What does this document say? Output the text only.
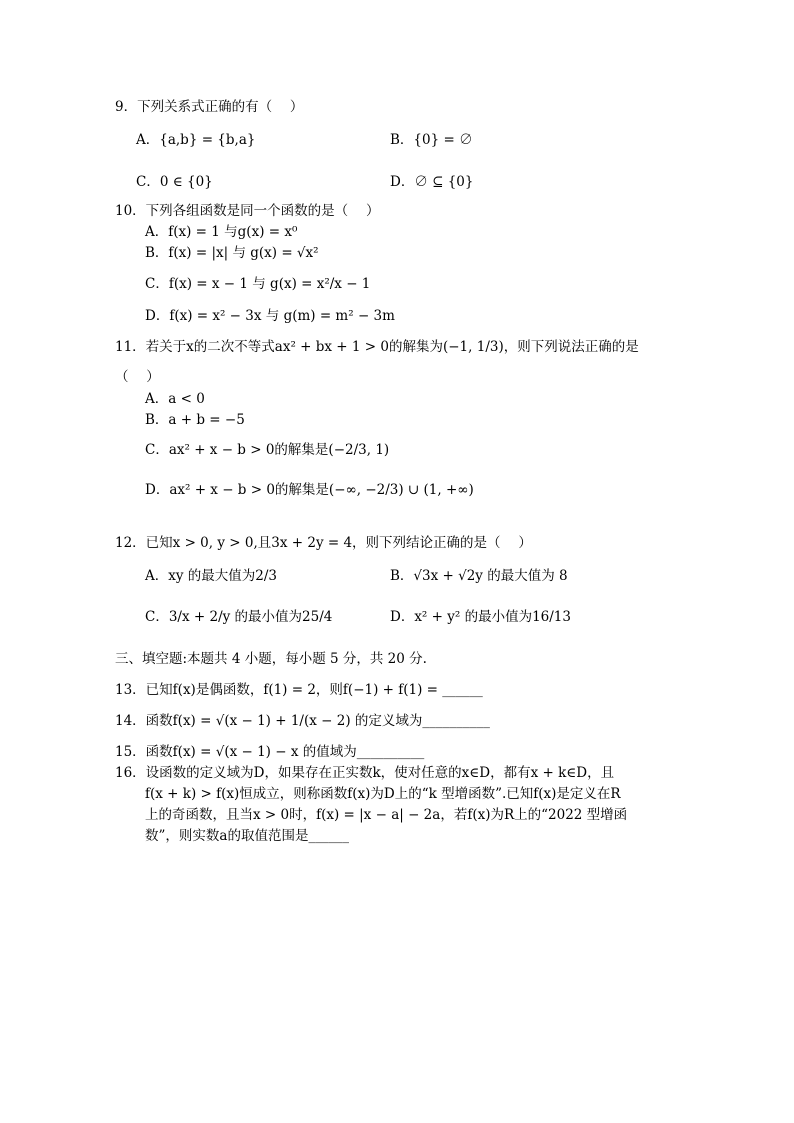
9．下列关系式正确的有（　 ）
A．{a,b} = {b,a}	B．{0} = ∅
C．0 ∈ {0}	D．∅ ⊆ {0}
10．下列各组函数是同一个函数的是（　 ）
A．f(x) = 1 与g(x) = x⁰
B．f(x) = |x| 与 g(x) = √x²
C．f(x) = x − 1 与 g(x) = x²/x − 1
D．f(x) = x² − 3x 与 g(m) = m² − 3m
11．若关于x的二次不等式ax² + bx + 1 > 0的解集为(−1, 1/3)，则下列说法正确的是
（　 ）
A．a < 0
B．a + b = −5
C．ax² + x − b > 0的解集是(−2/3, 1)
D．ax² + x − b > 0的解集是(−∞, −2/3) ∪ (1, +∞)
12．已知x > 0, y > 0,且3x + 2y = 4，则下列结论正确的是（　 ）
A．xy 的最大值为2/3	B．√3x + √2y 的最大值为 8
C．3/x + 2/y 的最小值为25/4	D．x² + y² 的最小值为16/13
三、填空题:本题共 4 小题，每小题 5 分，共 20 分.
13．已知f(x)是偶函数，f(1) = 2，则f(−1) + f(1) = ______
14．函数f(x) = √(x − 1) + 1/(x − 2) 的定义域为__________
15．函数f(x) = √(x − 1) − x 的值域为__________
16．设函数的定义域为D，如果存在正实数k，使对任意的x∈D，都有x + k∈D，且
f(x + k) > f(x)恒成立，则称函数f(x)为D上的“k 型增函数”.已知f(x)是定义在R
上的奇函数，且当x > 0时，f(x) = |x − a| − 2a，若f(x)为R上的“2022 型增函
数”，则实数a的取值范围是______
